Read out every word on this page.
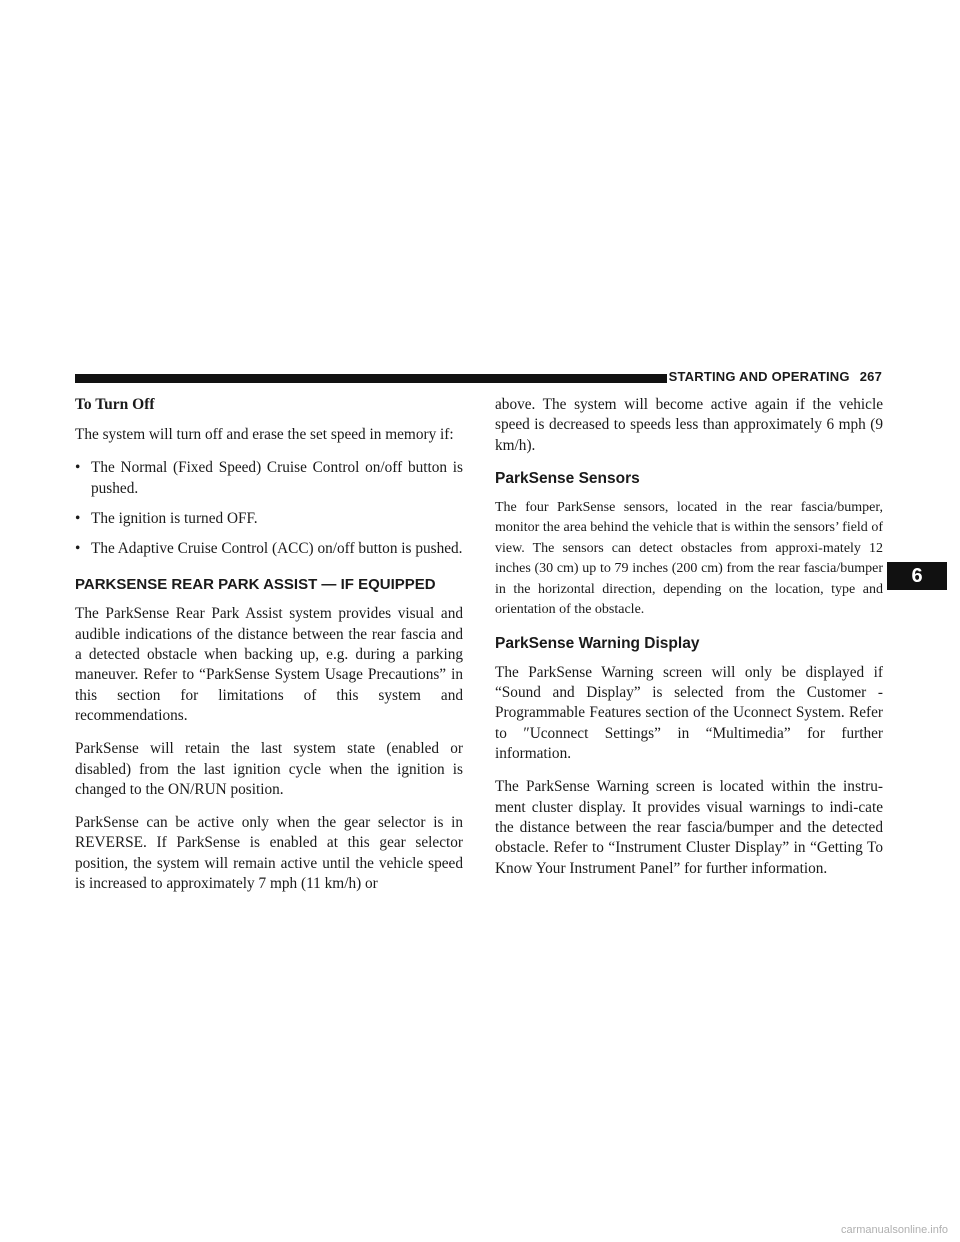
STARTING AND OPERATING 267

To Turn Off

The system will turn off and erase the set speed in memory if:

• The Normal (Fixed Speed) Cruise Control on/off button is pushed.
• The ignition is turned OFF.
• The Adaptive Cruise Control (ACC) on/off button is pushed.
PARKSENSE REAR PARK ASSIST — IF EQUIPPED

The ParkSense Rear Park Assist system provides visual and audible indications of the distance between the rear fascia and a detected obstacle when backing up, e.g. during a parking maneuver. Refer to “ParkSense System Usage Precautions” in this section for limitations of this system and recommendations.

ParkSense will retain the last system state (enabled or disabled) from the last ignition cycle when the ignition is changed to the ON/RUN position.

ParkSense can be active only when the gear selector is in REVERSE. If ParkSense is enabled at this gear selector position, the system will remain active until the vehicle speed is increased to approximately 7 mph (11 km/h) or

above. The system will become active again if the vehicle speed is decreased to speeds less than approximately 6 mph (9 km/h).

ParkSense Sensors

The four ParkSense sensors, located in the rear fascia/bumper, monitor the area behind the vehicle that is within the sensors’ field of view. The sensors can detect obstacles from approxi-mately 12 inches (30 cm) up to 79 inches (200 cm) from the rear fascia/bumper in the horizontal direction, depending on the location, type and orientation of the obstacle.

ParkSense Warning Display

The ParkSense Warning screen will only be displayed if “Sound and Display” is selected from the Customer - Programmable Features section of the Uconnect System. Refer to ″Uconnect Settings” in “Multimedia” for further information.

The ParkSense Warning screen is located within the instru-ment cluster display. It provides visual warnings to indi-cate the distance between the rear fascia/bumper and the detected obstacle. Refer to “Instrument Cluster Display” in “Getting To Know Your Instrument Panel” for further information.

6
carmanualsonline.info
